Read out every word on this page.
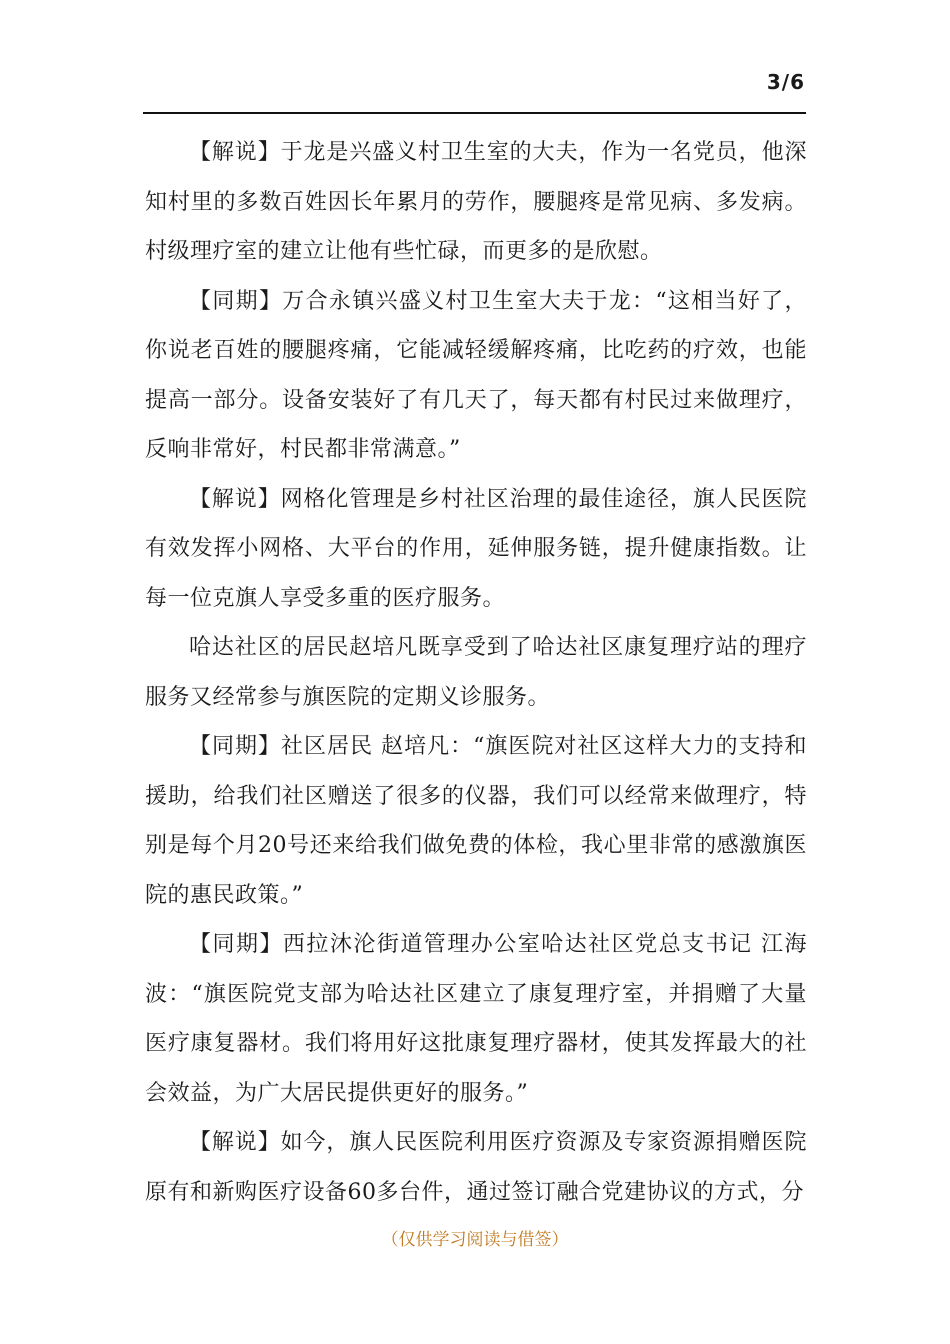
3/6

【解说】于龙是兴盛义村卫生室的大夫，作为一名党员，他深知村里的多数百姓因长年累月的劳作，腰腿疼是常见病、多发病。村级理疗室的建立让他有些忙碌，而更多的是欣慰。

【同期】万合永镇兴盛义村卫生室大夫于龙：“这相当好了，你说老百姓的腰腿疼痛，它能减轻缓解疼痛，比吃药的疗效，也能提高一部分。设备安装好了有几天了，每天都有村民过来做理疗，反响非常好，村民都非常满意。”

【解说】网格化管理是乡村社区治理的最佳途径，旗人民医院有效发挥小网格、大平台的作用，延伸服务链，提升健康指数。让每一位克旗人享受多重的医疗服务。

哈达社区的居民赵培凡既享受到了哈达社区康复理疗站的理疗服务又经常参与旗医院的定期义诊服务。

【同期】社区居民 赵培凡：“旗医院对社区这样大力的支持和援助，给我们社区赠送了很多的仪器，我们可以经常来做理疗，特别是每个月20号还来给我们做免费的体检，我心里非常的感激旗医院的惠民政策。”

【同期】西拉沐沦街道管理办公室哈达社区党总支书记 江海波：“旗医院党支部为哈达社区建立了康复理疗室，并捐赠了大量医疗康复器材。我们将用好这批康复理疗器材，使其发挥最大的社会效益，为广大居民提供更好的服务。”

【解说】如今，旗人民医院利用医疗资源及专家资源捐赠医院原有和新购医疗设备60多台件，通过签订融合党建协议的方式，分

（仅供学习阅读与借签）
